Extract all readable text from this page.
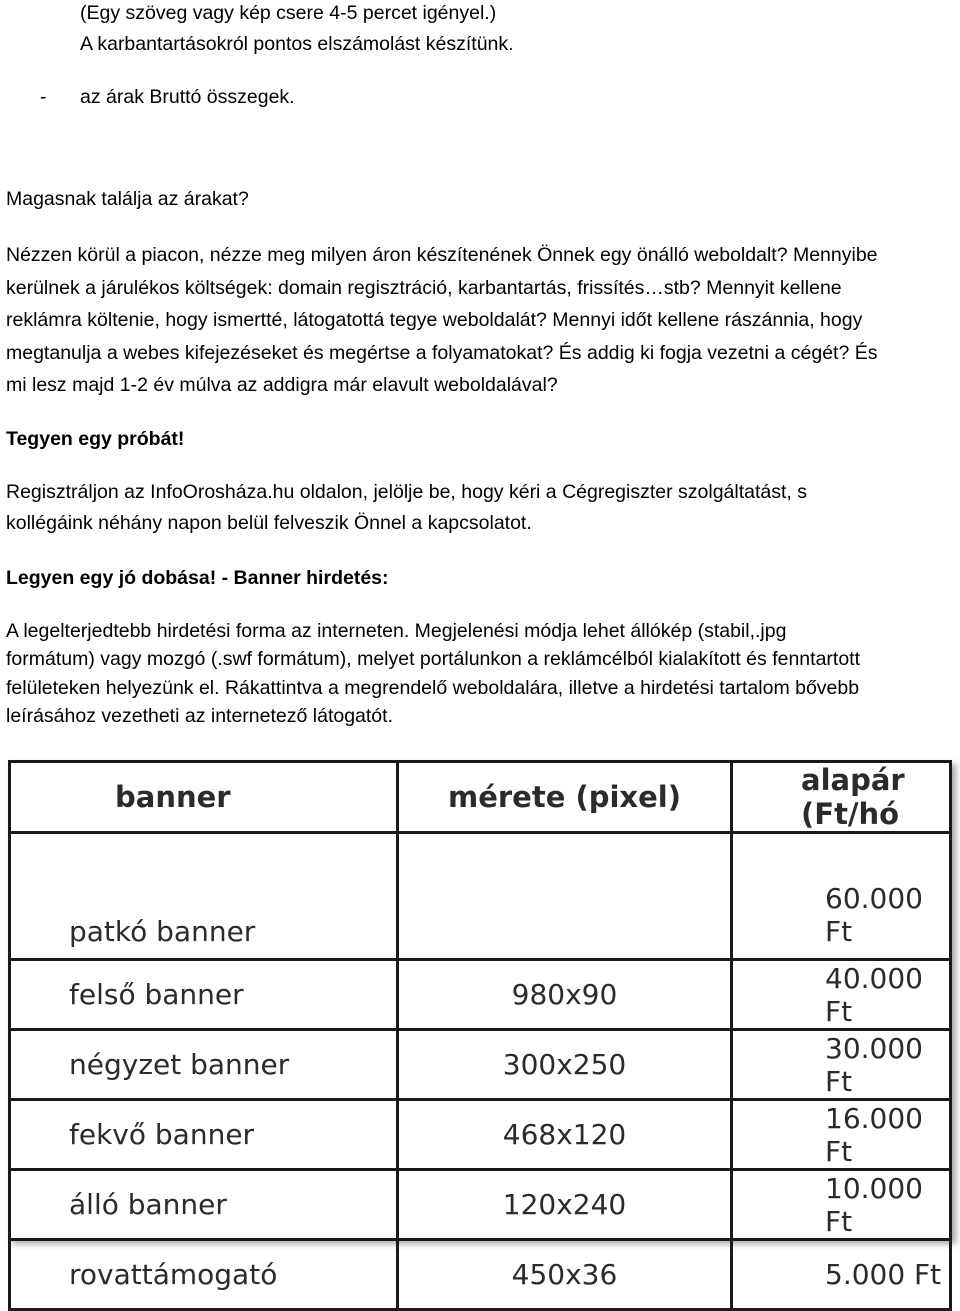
(Egy szöveg vagy kép csere 4-5 percet igényel.)
A karbantartásokról pontos elszámolást készítünk.
- az árak Bruttó összegek.
Magasnak találja az árakat?
Nézzen körül a piacon, nézze meg milyen áron készítenének Önnek egy önálló weboldalt? Mennyibe
kerülnek a járulékos költségek: domain regisztráció, karbantartás, frissítés…stb? Mennyit kellene
reklámra költenie, hogy ismertté, látogatottá tegye weboldalát? Mennyi időt kellene rászánnia, hogy
megtanulja a webes kifejezéseket és megértse a folyamatokat? És addig ki fogja vezetni a cégét? És
mi lesz majd 1-2 év múlva az addigra már elavult weboldalával?
Tegyen egy próbát!
Regisztráljon az InfoOrosháza.hu oldalon, jelölje be, hogy kéri a Cégregiszter szolgáltatást, s
kollégáink néhány napon belül felveszik Önnel a kapcsolatot.
Legyen egy jó dobása! - Banner hirdetés:
A legelterjedtebb hirdetési forma az interneten. Megjelenési módja lehet állókép (stabil,.jpg
formátum) vagy mozgó (.swf formátum), melyet portálunkon a reklámcélból kialakított és fenntartott
felületeken helyezünk el. Rákattintva a megrendelő weboldalára, illetve a hirdetési tartalom bővebb
leírásához vezetheti az internetező látogatót.
banner	mérete (pixel)	alapár (Ft/hó
patkó banner		60.000 Ft
felső banner	980x90	40.000 Ft
négyzet banner	300x250	30.000 Ft
fekvő banner	468x120	16.000 Ft
álló banner	120x240	10.000 Ft
rovattámogató	450x36	5.000 Ft
